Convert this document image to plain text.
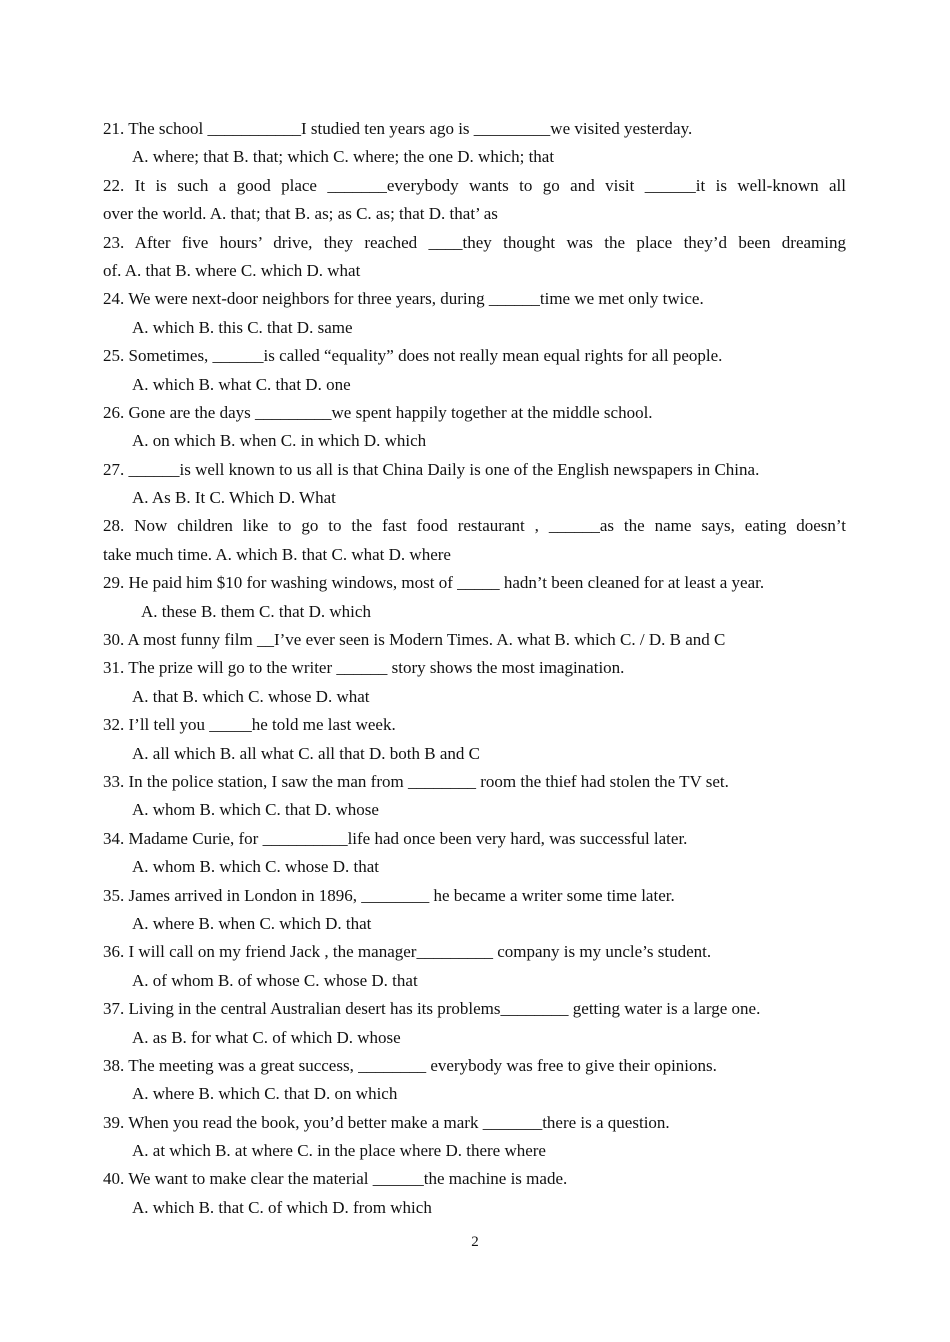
21. The school ___________I studied ten years ago is _________we visited yesterday.
A. where; that B. that; which C. where; the one D. which; that
22. It is such a good place _______everybody wants to go and visit ______it is well-known all
over the world. A. that; that B. as; as C. as; that D. that’ as
23. After five hours’ drive, they reached ____they thought was the place they’d been dreaming
of. A. that B. where C. which D. what
24. We were next-door neighbors for three years, during ______time we met only twice.
A. which B. this C. that D. same
25. Sometimes, ______is called “equality” does not really mean equal rights for all people.
A. which B. what C. that D. one
26. Gone are the days _________we spent happily together at the middle school.
A. on which B. when C. in which D. which
27. ______is well known to us all is that China Daily is one of the English newspapers in China.
A. As B. It C. Which D. What
28. Now children like to go to the fast food restaurant , ______as the name says, eating doesn’t
take much time. A. which B. that C. what D. where
29. He paid him $10 for washing windows, most of _____ hadn’t been cleaned for at least a year.
A. these B. them C. that D. which
30. A most funny film __I’ve ever seen is Modern Times. A. what B. which C. / D. B and C
31. The prize will go to the writer ______ story shows the most imagination.
A. that B. which C. whose D. what
32. I’ll tell you _____he told me last week.
A. all which B. all what C. all that D. both B and C
33. In the police station, I saw the man from ________ room the thief had stolen the TV set.
A. whom B. which C. that D. whose
34. Madame Curie, for __________life had once been very hard, was successful later.
A. whom B. which C. whose D. that
35. James arrived in London in 1896, ________ he became a writer some time later.
A. where B. when C. which D. that
36. I will call on my friend Jack , the manager_________ company is my uncle’s student.
A. of whom B. of whose C. whose D. that
37. Living in the central Australian desert has its problems________ getting water is a large one.
A. as B. for what C. of which D. whose
38. The meeting was a great success, ________ everybody was free to give their opinions.
A. where B. which C. that D. on which
39. When you read the book, you’d better make a mark _______there is a question.
A. at which B. at where C. in the place where D. there where
40. We want to make clear the material ______the machine is made.
A. which B. that C. of which D. from which
2
